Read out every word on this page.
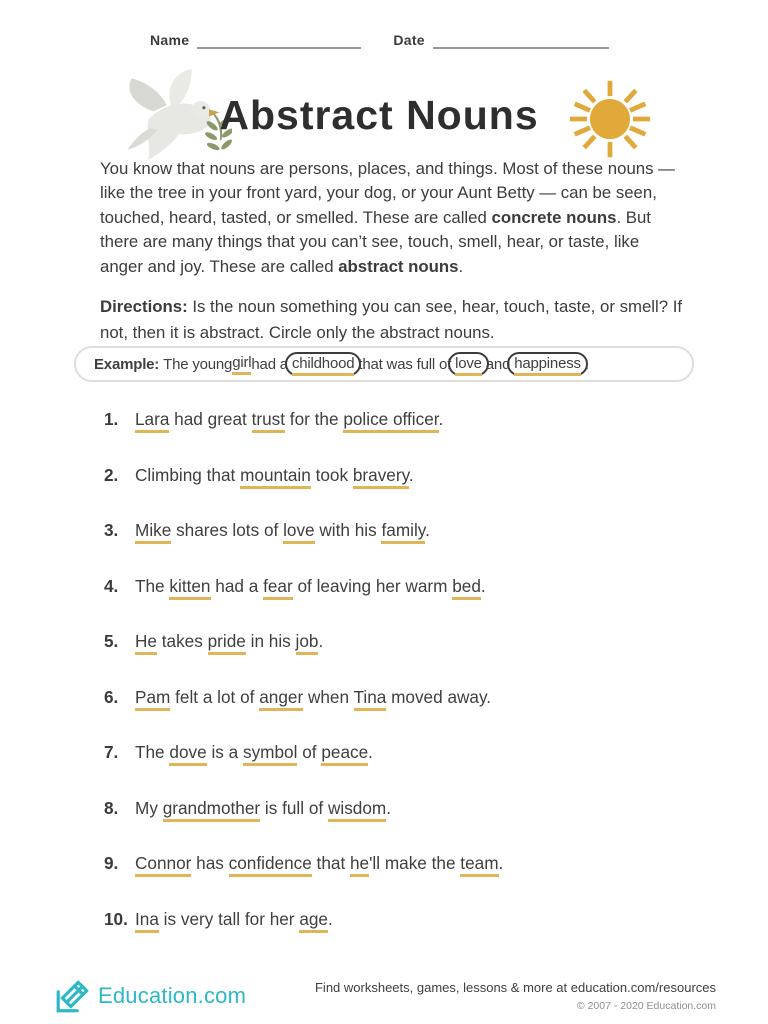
Name	Date
Abstract Nouns

You know that nouns are persons, places, and things. Most of these nouns — like the tree in your front yard, your dog, or your Aunt Betty — can be seen, touched, heard, tasted, or smelled. These are called concrete nouns. But there are many things that you can’t see, touch, smell, hear, or taste, like anger and joy. These are called abstract nouns.

Directions: Is the noun something you can see, hear, touch, taste, or smell? If not, then it is abstract. Circle only the abstract nouns.

Example: The young girl had a childhood that was full of love and happiness .
1. Lara had great trust for the police officer.
2. Climbing that mountain took bravery.
3. Mike shares lots of love with his family.
4. The kitten had a fear of leaving her warm bed.
5. He takes pride in his job.
6. Pam felt a lot of anger when Tina moved away.
7. The dove is a symbol of peace.
8. My grandmother is full of wisdom.
9. Connor has confidence that he'll make the team.
10. Ina is very tall for her age.
Education.com	Find worksheets, games, lessons & more at education.com/resources
© 2007 - 2020 Education.com
